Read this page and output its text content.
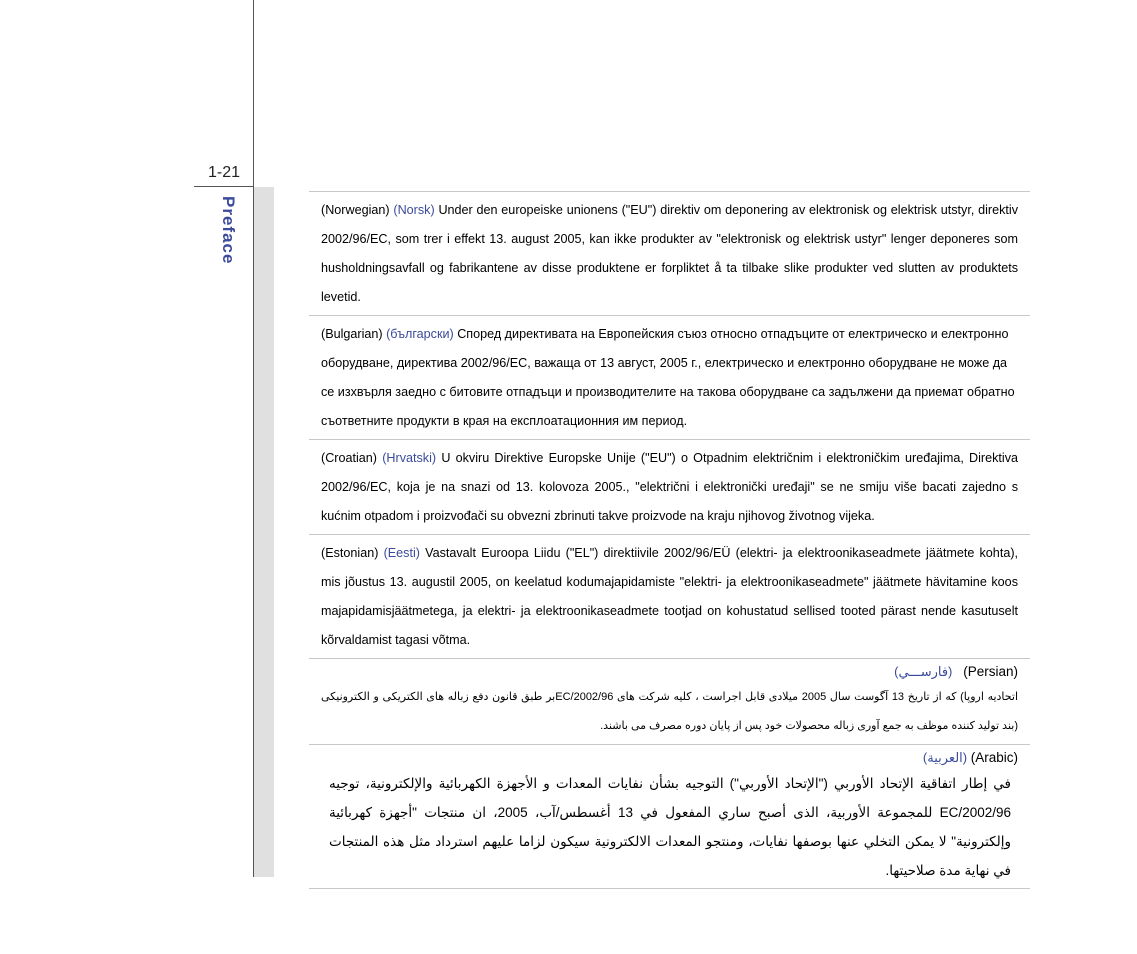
1-21
Preface	(Norwegian) (Norsk) Under den europeiske unionens ("EU") direktiv om deponering av elektronisk og elektrisk utstyr, direktiv 2002/96/EC, som trer i effekt 13. august 2005, kan ikke produkter av "elektronisk og elektrisk ustyr" lenger deponeres som husholdningsavfall og fabrikantene av disse produktene er forpliktet å ta tilbake slike produkter ved slutten av produktets levetid.

(Bulgarian) (български) Според директивата на Европейския съюз относно отпадъците от електрическо и електронно оборудване, директива 2002/96/EC, важаща от 13 август, 2005 г., електрическо и електронно оборудване не може да се изхвърля заедно с битовите отпадъци и производителите на такова оборудване са задължени да приемат обратно съответните продукти в края на експлоатационния им период.

(Croatian) (Hrvatski) U okviru Direktive Europske Unije ("EU") o Otpadnim električnim i elektroničkim uređajima, Direktiva 2002/96/EC, koja je na snazi od 13. kolovoza 2005., "električni i elektronički uređaji" se ne smiju više bacati zajedno s kućnim otpadom i proizvođači su obvezni zbrinuti takve proizvode na kraju njihovog životnog vijeka.

(Estonian) (Eesti) Vastavalt Euroopa Liidu ("EL") direktiivile 2002/96/EÜ (elektri- ja elektroonikaseadmete jäätmete kohta), mis jõustus 13. augustil 2005, on keelatud kodumajapidamiste "elektri- ja elektroonikaseadmete" jäätmete hävitamine koos majapidamisjäätmetega, ja elektri- ja elektroonikaseadmete tootjad on kohustatud sellised tooted pärast nende kasutuselt kõrvaldamist tagasi võtma.

(Persian)   (فارســـي)

اتحادیه اروپا) که از تاریخ 13 آگوست سال 2005 میلادی قابل اجراست ، کلیه شرکت های 2002/96/ECبر طبق قانون دفع زباله های الکتریکی و الکترونیکی (بند تولید کننده موظف به جمع آوری زباله محصولات خود پس از پایان دوره مصرف می باشند.

(Arabic) (العربية)

في إطار اتفاقية الإتحاد الأوربي ("الإتحاد الأوربي") التوجيه بشأن نفايات المعدات و الأجهزة الكهربائية والإلكترونية، توجيه 2002/96/EC للمجموعة الأوربية، الذى أصبح ساري المفعول في 13 أغسطس/آب، 2005، ان منتجات "أجهزة كهربائية وإلكترونية" لا يمكن التخلي عنها بوصفها نفايات، ومنتجو المعدات الالكترونية سيكون لزاما عليهم استرداد مثل هذه المنتجات في نهاية مدة صلاحيتها.
